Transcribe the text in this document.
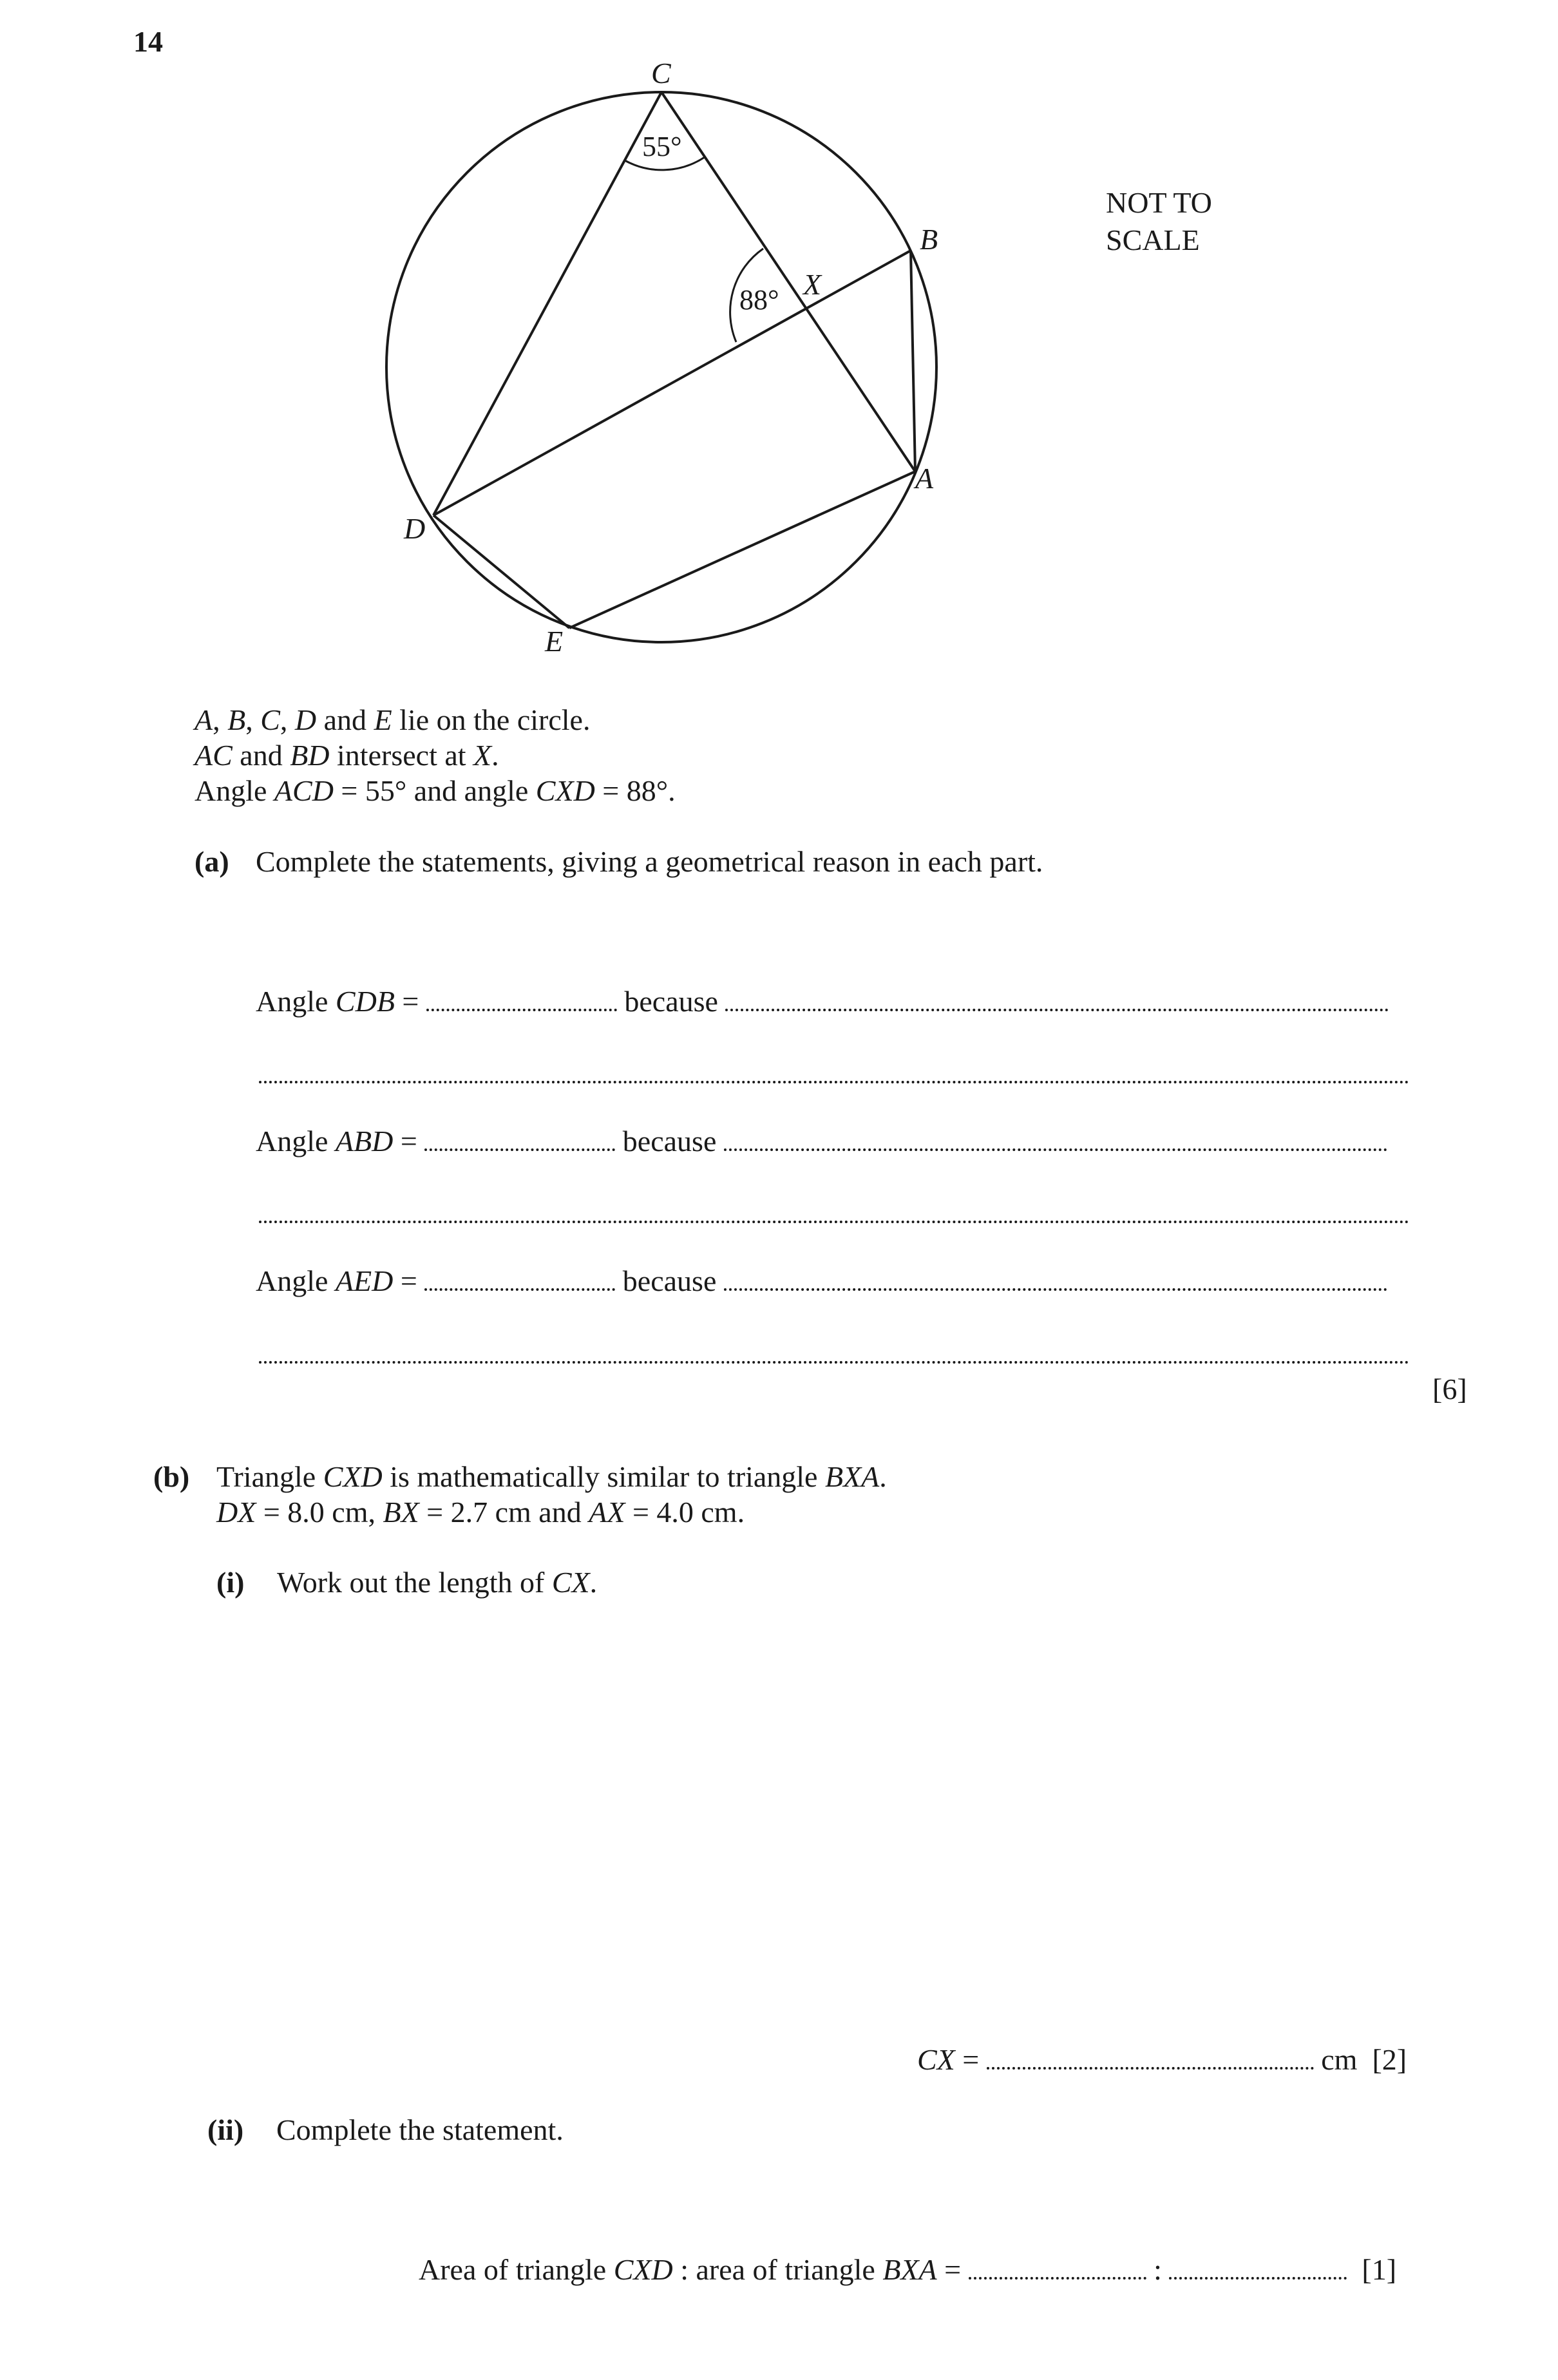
14
C
B
X
A
D
E
55°
88°
NOT TO
SCALE
A, B, C, D and E lie on the circle.
AC and BD intersect at X.
Angle ACD = 55° and angle CXD = 88°.
(a) Complete the statements, giving a geometrical reason in each part.
Angle CDB =	because
Angle ABD =	because
Angle AED =	because
[6]
(b) Triangle CXD is mathematically similar to triangle BXA.
DX = 8.0 cm, BX = 2.7 cm and AX = 4.0 cm.
(i) Work out the length of CX.
CX =	cm [2]
(ii) Complete the statement.
Area of triangle CXD : area of triangle BXA =	:	[1]
